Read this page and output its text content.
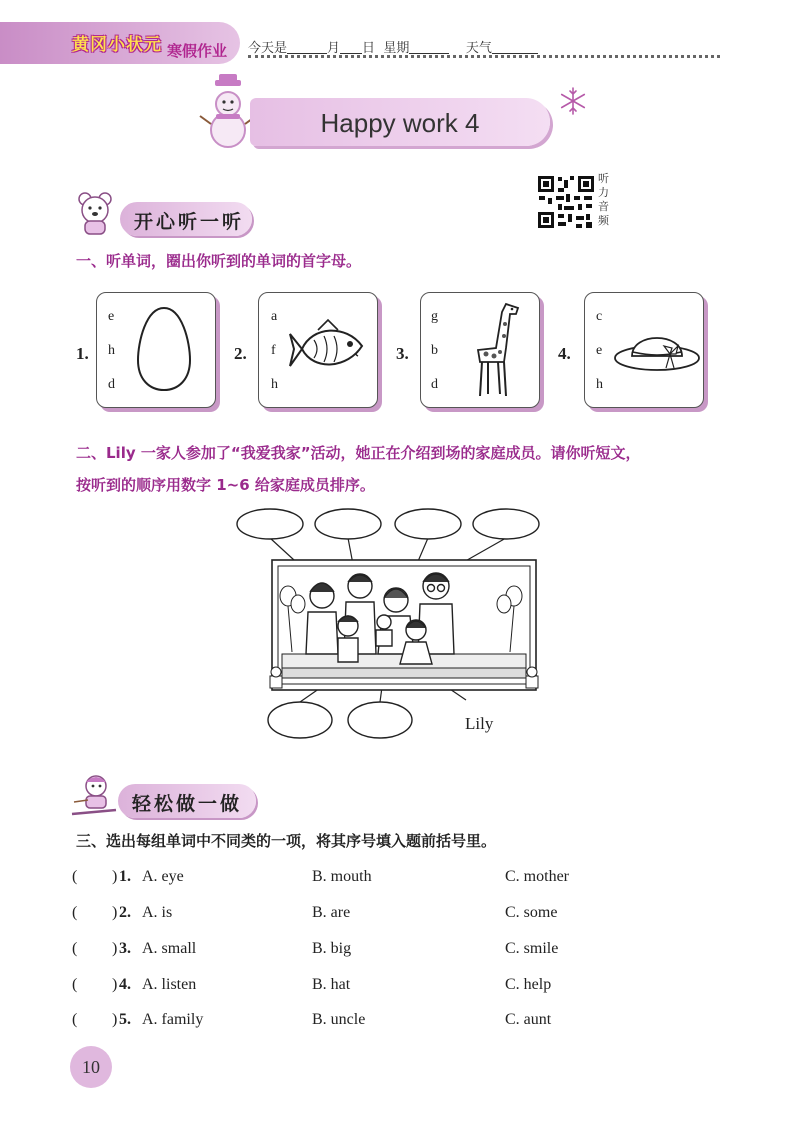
黄冈小状元 寒假作业 今天是	月 日 星期	天气
Happy work 4
听
力
音
频
开心听一听
一、听单词，圈出你听到的单词的首字母。
1.
e
h
d
2.
a
f
h
3.
g
b
d
4.
c
e
h
二、Lily 一家人参加了“我爱我家”活动，她正在介绍到场的家庭成员。请你听短文，
按听到的顺序用数字 1~6 给家庭成员排序。
Lily
轻松做一做
三、选出每组单词中不同类的一项，将其序号填入题前括号里。
( ) 1. A. eye	B. mouth	C. mother
( ) 2. A. is	B. are	C. some
( ) 3. A. small	B. big	C. smile
( ) 4. A. listen	B. hat	C. help
( ) 5. A. family	B. uncle	C. aunt
10
